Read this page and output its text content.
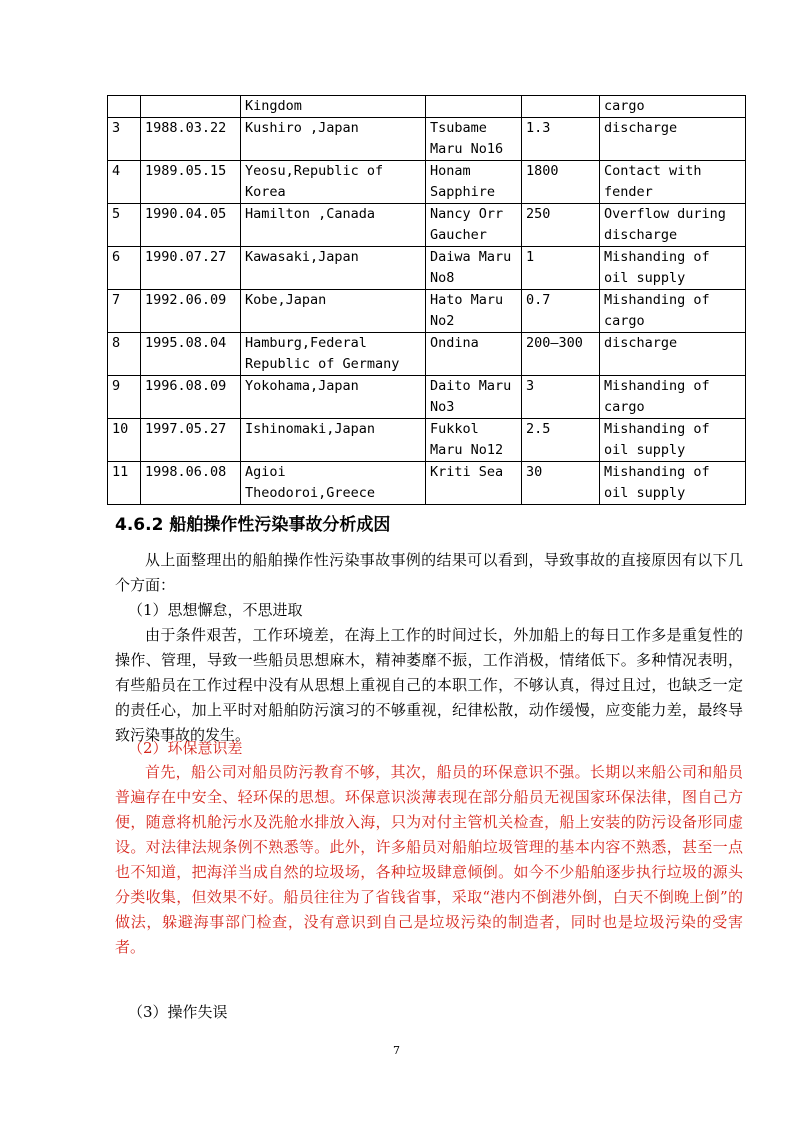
		Kingdom			cargo
3	1988.03.22	Kushiro ,Japan	Tsubame Maru No16	1.3	discharge
4	1989.05.15	Yeosu,Republic of Korea	Honam Sapphire	1800	Contact with fender
5	1990.04.05	Hamilton ,Canada	Nancy Orr Gaucher	250	Overflow during discharge
6	1990.07.27	Kawasaki,Japan	Daiwa Maru No8	1	Mishanding of oil supply
7	1992.06.09	Kobe,Japan	Hato Maru No2	0.7	Mishanding of cargo
8	1995.08.04	Hamburg,Federal Republic of Germany	Ondina	200—300	discharge
9	1996.08.09	Yokohama,Japan	Daito Maru No3	3	Mishanding of cargo
10	1997.05.27	Ishinomaki,Japan	Fukkol Maru No12	2.5	Mishanding of oil supply
11	1998.06.08	Agioi Theodoroi,Greece	Kriti Sea	30	Mishanding of oil supply
4.6.2 船舶操作性污染事故分析成因

从上面整理出的船舶操作性污染事故事例的结果可以看到，导致事故的直接原因有以下几个方面：

（1）思想懈怠，不思进取

由于条件艰苦，工作环境差，在海上工作的时间过长，外加船上的每日工作多是重复性的操作、管理，导致一些船员思想麻木，精神萎靡不振，工作消极，情绪低下。多种情况表明，有些船员在工作过程中没有从思想上重视自己的本职工作，不够认真，得过且过，也缺乏一定的责任心，加上平时对船舶防污演习的不够重视，纪律松散，动作缓慢，应变能力差，最终导致污染事故的发生。

（2）环保意识差

首先，船公司对船员防污教育不够，其次，船员的环保意识不强。长期以来船公司和船员普遍存在中安全、轻环保的思想。环保意识淡薄表现在部分船员无视国家环保法律，图自己方便，随意将机舱污水及洗舱水排放入海，只为对付主管机关检查，船上安装的防污设备形同虚设。对法律法规条例不熟悉等。此外，许多船员对船舶垃圾管理的基本内容不熟悉，甚至一点也不知道，把海洋当成自然的垃圾场，各种垃圾肆意倾倒。如今不少船舶逐步执行垃圾的源头分类收集，但效果不好。船员往往为了省钱省事，采取“港内不倒港外倒，白天不倒晚上倒”的做法，躲避海事部门检查，没有意识到自己是垃圾污染的制造者，同时也是垃圾污染的受害者。

（3）操作失误

7
